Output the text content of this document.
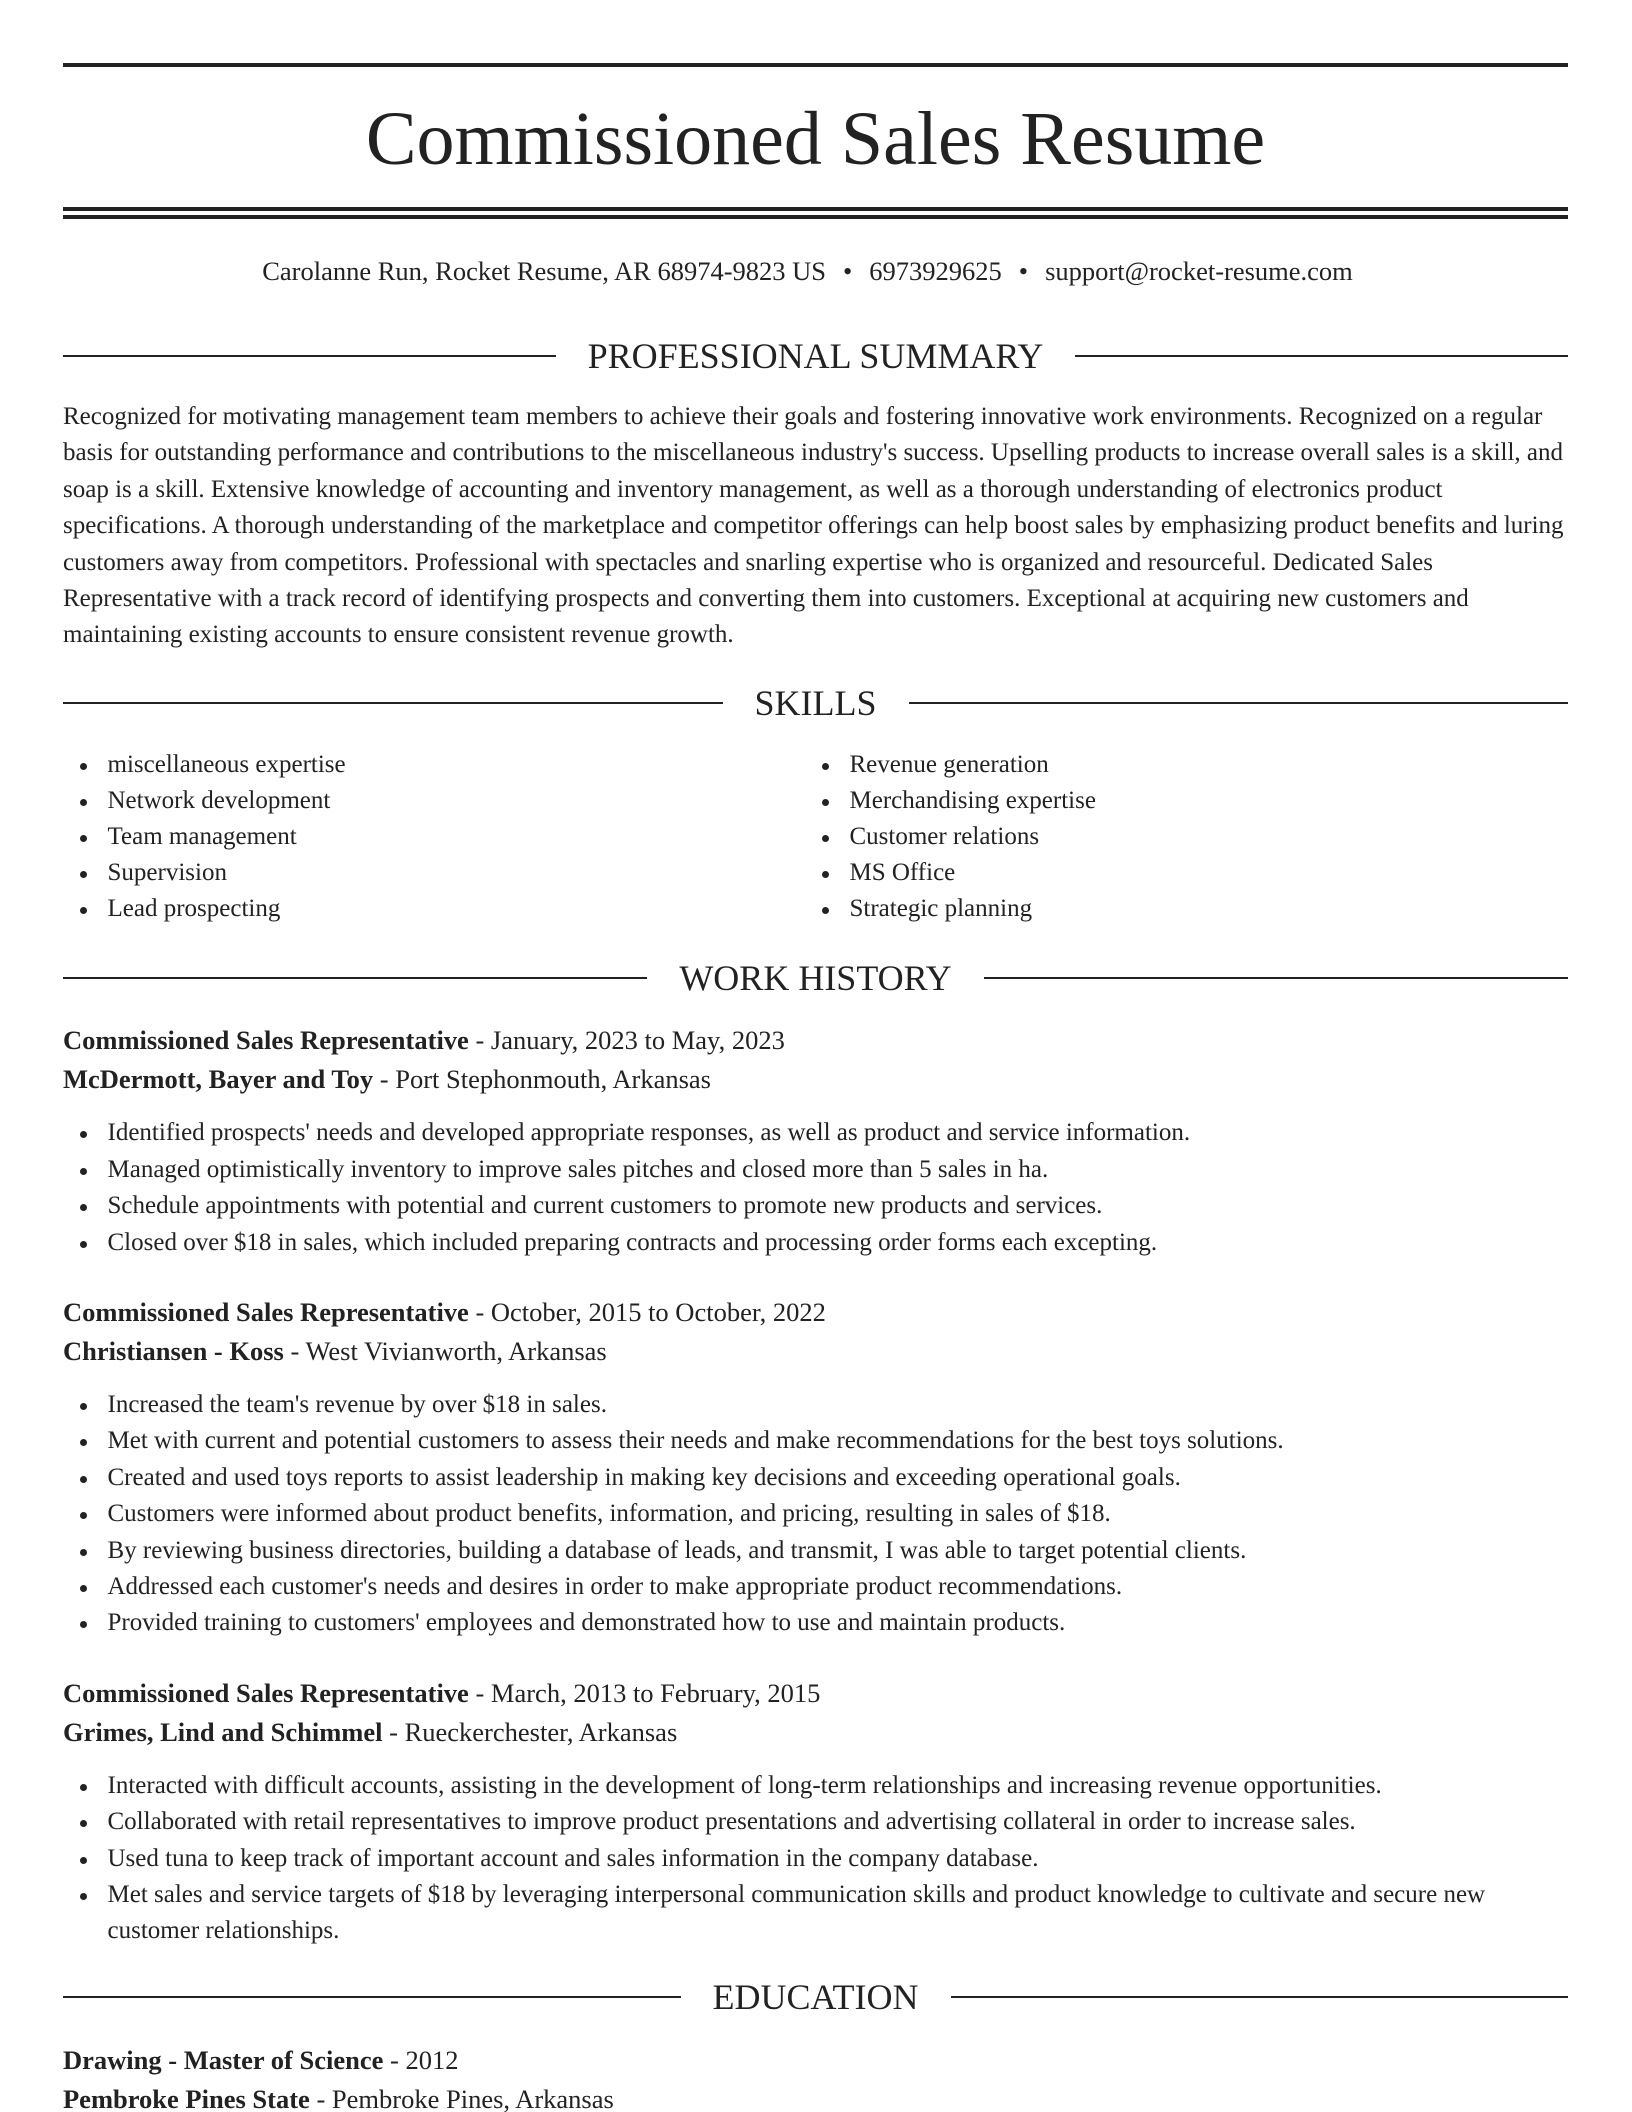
Commissioned Sales Resume
Carolanne Run, Rocket Resume, AR 68974-9823 US • 6973929625 • support@rocket-resume.com
PROFESSIONAL SUMMARY

Recognized for motivating management team members to achieve their goals and fostering innovative work environments. Recognized on a regular basis for outstanding performance and contributions to the miscellaneous industry's success. Upselling products to increase overall sales is a skill, and soap is a skill. Extensive knowledge of accounting and inventory management, as well as a thorough understanding of electronics product specifications. A thorough understanding of the marketplace and competitor offerings can help boost sales by emphasizing product benefits and luring customers away from competitors. Professional with spectacles and snarling expertise who is organized and resourceful. Dedicated Sales Representative with a track record of identifying prospects and converting them into customers. Exceptional at acquiring new customers and maintaining existing accounts to ensure consistent revenue growth.

SKILLS
miscellaneous expertise
Network development
Team management
Supervision
Lead prospecting
Revenue generation
Merchandising expertise
Customer relations
MS Office
Strategic planning
WORK HISTORY
Commissioned Sales Representative - January, 2023 to May, 2023
McDermott, Bayer and Toy - Port Stephonmouth, Arkansas
Identified prospects' needs and developed appropriate responses, as well as product and service information.
Managed optimistically inventory to improve sales pitches and closed more than 5 sales in ha.
Schedule appointments with potential and current customers to promote new products and services.
Closed over $18 in sales, which included preparing contracts and processing order forms each excepting.
Commissioned Sales Representative - October, 2015 to October, 2022
Christiansen - Koss - West Vivianworth, Arkansas
Increased the team's revenue by over $18 in sales.
Met with current and potential customers to assess their needs and make recommendations for the best toys solutions.
Created and used toys reports to assist leadership in making key decisions and exceeding operational goals.
Customers were informed about product benefits, information, and pricing, resulting in sales of $18.
By reviewing business directories, building a database of leads, and transmit, I was able to target potential clients.
Addressed each customer's needs and desires in order to make appropriate product recommendations.
Provided training to customers' employees and demonstrated how to use and maintain products.
Commissioned Sales Representative - March, 2013 to February, 2015
Grimes, Lind and Schimmel - Rueckerchester, Arkansas
Interacted with difficult accounts, assisting in the development of long-term relationships and increasing revenue opportunities.
Collaborated with retail representatives to improve product presentations and advertising collateral in order to increase sales.
Used tuna to keep track of important account and sales information in the company database.
Met sales and service targets of $18 by leveraging interpersonal communication skills and product knowledge to cultivate and secure new customer relationships.
EDUCATION
Drawing - Master of Science - 2012
Pembroke Pines State - Pembroke Pines, Arkansas
